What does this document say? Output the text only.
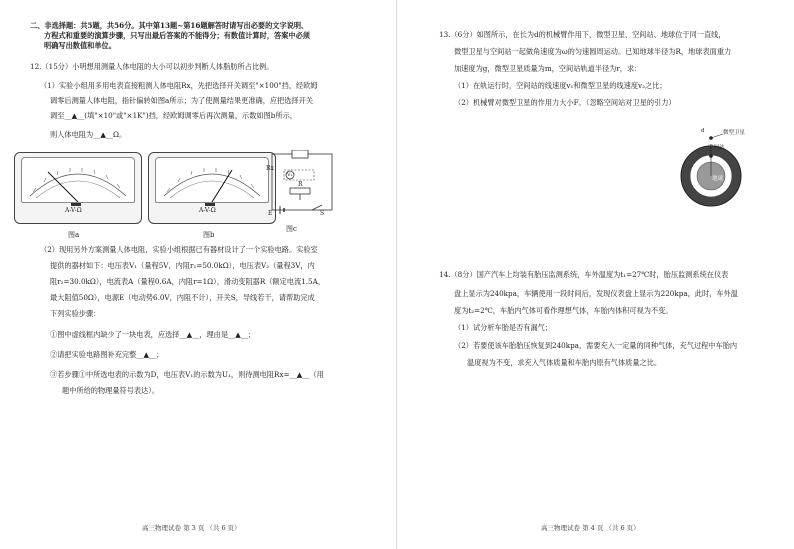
二、非选择题：共5题，共56分。其中第13题~第16题解答时请写出必要的文字说明、
方程式和重要的演算步骤，只写出最后答案的不能得分；有数值计算时，答案中必须
明确写出数值和单位。
12.（15分）小明想用测量人体电阻的大小可以初步判断人体脂肪所占比例。
（1）实验小组用多用电表直接粗测人体电阻Rx，先把选择开关调至"×100"挡，经欧姆
调零后测量人体电阻，指针偏转如图a所示；为了使测量结果更准确，应把选择开关
调至__▲__(填"×10"或"×1K")挡，经欧姆调零后再次测量，示数如图b所示，
则人体电阻为__▲__Ω。
A-V-Ω
图a
A-V-Ω
图b
Rx
V₁
R
E	S
图c
（2）现用另外方案测量人体电阻，实验小组根据已有器材设计了一个实验电路。实验室
提供的器材如下：电压表V₁（量程5V，内阻r₁=50.0kΩ），电压表V₂（量程3V，内
阻r₂=30.0kΩ），电流表A（量程0.6A，内阻r=1Ω），滑动变阻器R（额定电流1.5A，
最大阻值50Ω），电源E（电动势6.0V，内阻不计），开关S，导线若干，请帮助完成
下列实验步骤：
①图中虚线框内缺少了一块电表，应选择__▲__，理由是__▲__；
②请把实验电路图补充完整__▲__；
③若步骤①中所选电表的示数为D，电压表V₁的示数为U₁，则待测电阻Rx=__▲__（用
题中所给的物理量符号表达）。
高三物理试卷 第 3 页 （共 6 页）
13.（6分）如图所示，在长为d的机械臂作用下，微型卫星、空间站、地球位于同一直线，
微型卫星与空间站一起做角速度为ω的匀速圆周运动。已知地球半径为R，地球表面重力
加速度为g，微型卫星质量为m，空间站轨道半径为r，求：
（1）在轨运行时，空间站的线速度v₁和微型卫星的线速度v₂之比；
（2）机械臂对微型卫星的作用力大小F。（忽略空间站对卫星的引力）
d	微型卫星
空间站
地球
14.（8分）国产汽车上均装有胎压监测系统，车外温度为t₁=27℃时，胎压监测系统在仪表
盘上显示为240kpa，车辆使用一段时间后，发现仪表盘上显示为220kpa，此时，车外温
度为t₂=2℃，车胎内气体可看作理想气体，车胎内体积可视为不变。
（1）试分析车胎是否有漏气；
（2）若要使该车胎胎压恢复到240kpa，需要充入一定量的同种气体，充气过程中车胎内
温度视为不变，求充入气体质量和车胎内原有气体质量之比。
高三物理试卷 第 4 页 （共 6 页）
